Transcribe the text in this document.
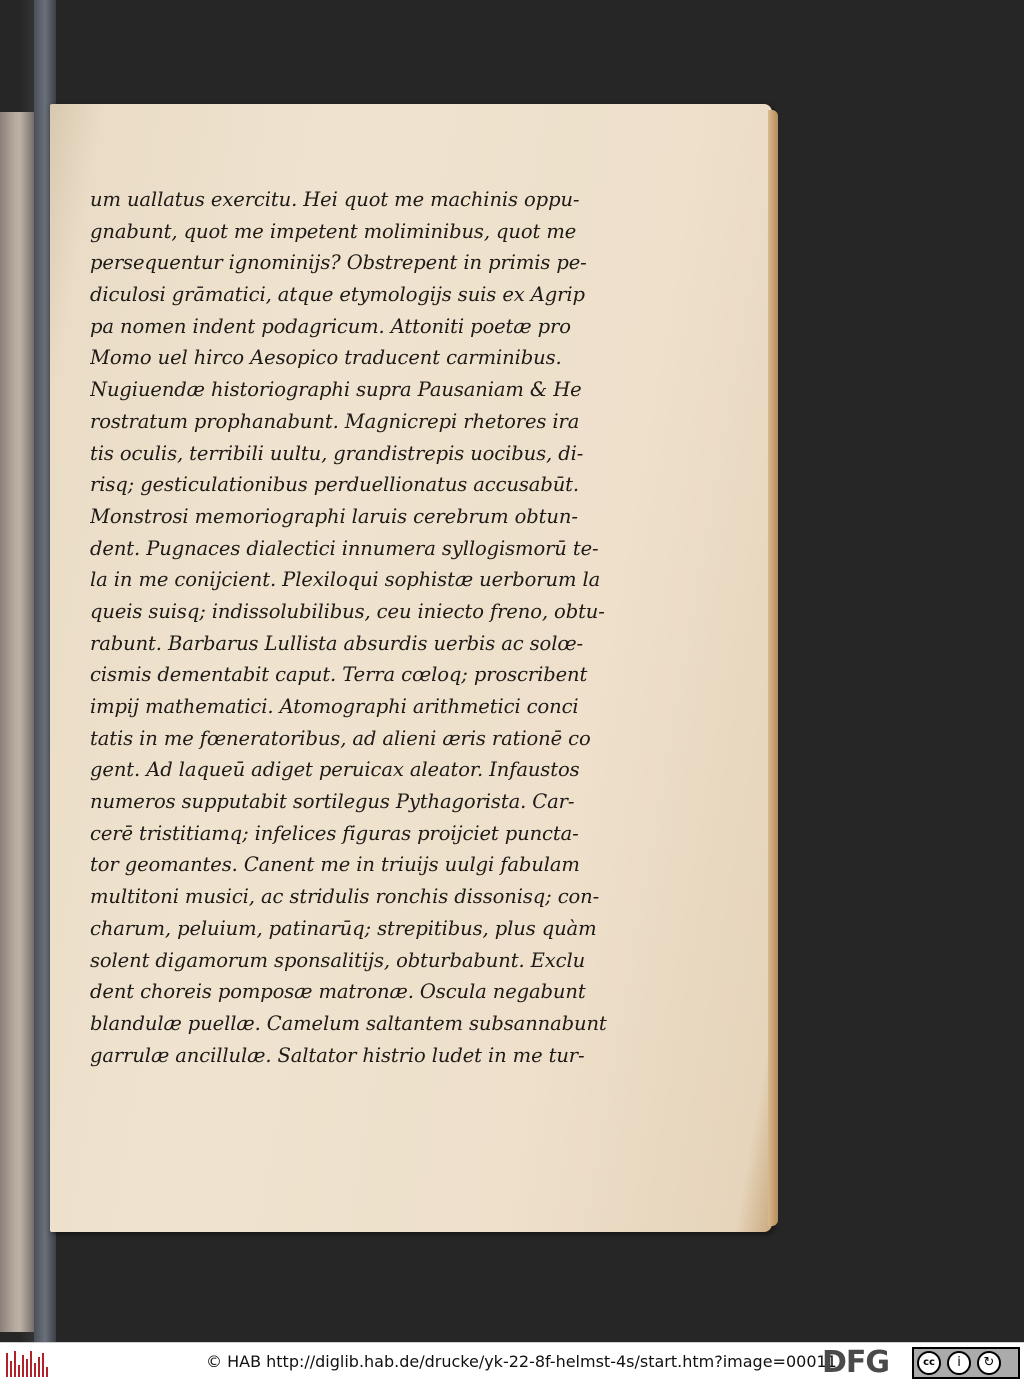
um uallatus exercitu. Hei quot me machinis oppu-
gnabunt, quot me impetent moliminibus, quot me
persequentur ignominijs? Obstrepent in primis pe-
diculosi grāmatici, atque etymologijs suis ex Agrip
pa nomen indent podagricum. Attoniti poetæ pro
Momo uel hirco Aesopico traducent carminibus.
Nugiuendæ historiographi supra Pausaniam & He
rostratum prophanabunt. Magnicrepi rhetores ira
tis oculis, terribili uultu, grandistrepis uocibus, di-
risq; gesticulationibus perduellionatus accusabūt.
Monstrosi memoriographi laruis cerebrum obtun-
dent. Pugnaces dialectici innumera syllogismorū te-
la in me conijcient. Plexiloqui sophistæ uerborum la
queis suisq; indissolubilibus, ceu iniecto freno, obtu-
rabunt. Barbarus Lullista absurdis uerbis ac solœ-
cismis dementabit caput. Terra cœloq; proscribent
impij mathematici. Atomographi arithmetici conci
tatis in me fœneratoribus, ad alieni æris rationē co
gent. Ad laqueū adiget peruicax aleator. Infaustos
numeros supputabit sortilegus Pythagorista. Car-
cerē tristitiamq; infelices figuras proijciet puncta-
tor geomantes. Canent me in triuijs uulgi fabulam
multitoni musici, ac stridulis ronchis dissonisq; con-
charum, peluium, patinarūq; strepitibus, plus quàm
solent digamorum sponsalitijs, obturbabunt. Exclu
dent choreis pomposæ matronæ. Oscula negabunt
blandulæ puellæ. Camelum saltantem subsannabunt
garrulæ ancillulæ. Saltator histrio ludet in me tur-
© HAB http://diglib.hab.de/drucke/yk-22-8f-helmst-4s/start.htm?image=00011
DFG	cc	i	↻
